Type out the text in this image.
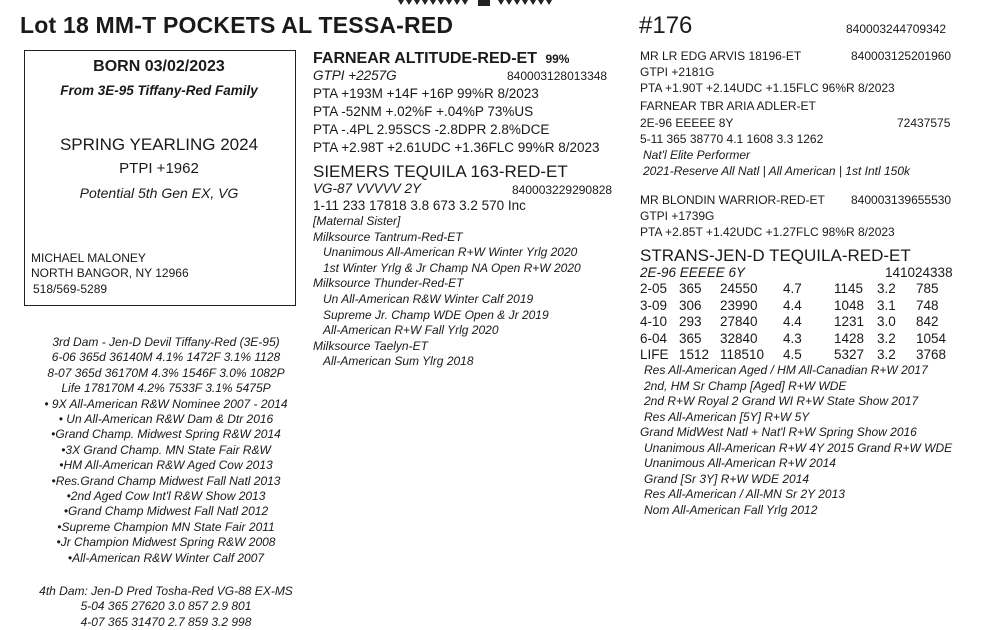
Lot 18 MM-T POCKETS AL TESSA-RED	#176	840003244709342
BORN 03/02/2023
From 3E-95 Tiffany-Red Family
SPRING YEARLING 2024
PTPI +1962
Potential 5th Gen EX, VG
MICHAEL MALONEY
NORTH BANGOR, NY 12966
518/569-5289
3rd Dam - Jen-D Devil Tiffany-Red (3E-95)
6-06 365d 36140M 4.1% 1472F 3.1% 1128
8-07 365d 36170M 4.3% 1546F 3.0% 1082P
Life 178170M 4.2% 7533F 3.1% 5475P
• 9X All-American R&W Nominee 2007 - 2014
• Un All-American R&W Dam & Dtr 2016
•Grand Champ. Midwest Spring R&W 2014
•3X Grand Champ. MN State Fair R&W
•HM All-American R&W Aged Cow 2013
•Res.Grand Champ Midwest Fall Natl 2013
•2nd Aged Cow Int'l R&W Show 2013
•Grand Champ Midwest Fall Natl 2012
•Supreme Champion MN State Fair 2011
•Jr Champion Midwest Spring R&W 2008
•All-American R&W Winter Calf 2007
4th Dam: Jen-D Pred Tosha-Red VG-88 EX-MS
5-04 365 27620 3.0 857 2.9 801
4-07 365 31470 2.7 859 3.2 998
FARNEAR ALTITUDE-RED-ET 99%
GTPI +2257G	840003128013348
PTA +193M +14F +16P 99%R 8/2023
PTA -52NM +.02%F +.04%P 73%US
PTA -.4PL 2.95SCS -2.8DPR 2.8%DCE
PTA +2.98T +2.61UDC +1.36FLC 99%R 8/2023
SIEMERS TEQUILA 163-RED-ET
VG-87 VVVVV 2Y	840003229290828
1-11 233 17818 3.8 673 3.2 570 Inc
[Maternal Sister]
Milksource Tantrum-Red-ET
Unanimous All-American R+W Winter Yrlg 2020
1st Winter Yrlg & Jr Champ NA Open R+W 2020
Milksource Thunder-Red-ET
Un All-American R&W Winter Calf 2019
Supreme Jr. Champ WDE Open & Jr 2019
All-American R+W Fall Yrlg 2020
Milksource Taelyn-ET
All-American Sum Ylrg 2018
MR LR EDG ARVIS 18196-ET	840003125201960
GTPI +2181G
PTA +1.90T +2.14UDC +1.15FLC 96%R 8/2023
FARNEAR TBR ARIA ADLER-ET
2E-96 EEEEE 8Y	72437575
5-11 365 38770 4.1 1608 3.3 1262
Nat'l Elite Performer
2021-Reserve All Natl | All American | 1st Intl 150k
MR BLONDIN WARRIOR-RED-ET 840003139655530
GTPI +1739G
PTA +2.85T +1.42UDC +1.27FLC 98%R 8/2023
STRANS-JEN-D TEQUILA-RED-ET
2E-96 EEEEE 6Y	141024338
2-05 365 24550 4.7 1145 3.2 785
3-09 306 23990 4.4 1048 3.1 748
4-10 293 27840 4.4 1231 3.0 842
6-04 365 32840 4.3 1428 3.2 1054
LIFE 1512 118510 4.5 5327 3.2 3768
Res All-American Aged / HM All-Canadian R+W 2017
2nd, HM Sr Champ [Aged] R+W WDE
2nd R+W Royal 2 Grand WI R+W State Show 2017
Res All-American [5Y] R+W 5Y
Grand MidWest Natl + Nat'l R+W Spring Show 2016
Unanimous All-American R+W 4Y 2015 Grand R+W WDE
Unanimous All-American R+W 2014
Grand [Sr 3Y] R+W WDE 2014
Res All-American / All-MN Sr 2Y 2013
Nom All-American Fall Yrlg 2012
